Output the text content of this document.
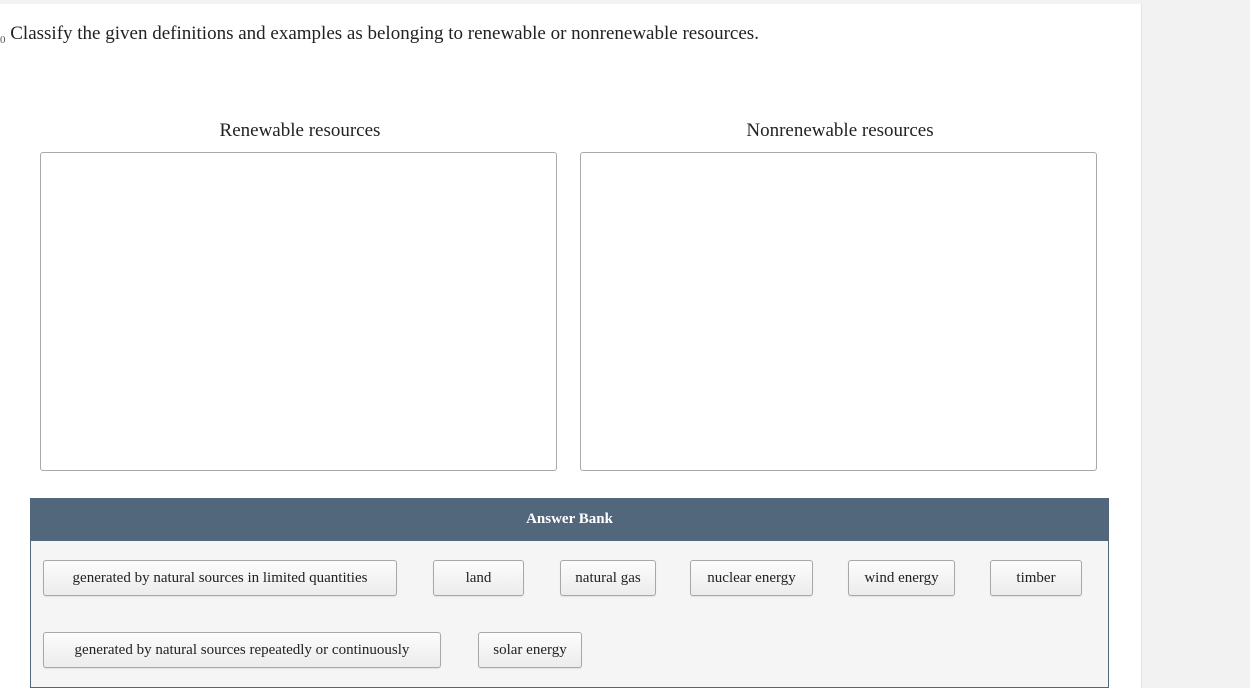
$_0$ Classify the given definitions and examples as belonging to renewable or nonrenewable resources.
Renewable resources	Nonrenewable resources
Answer Bank
generated by natural sources in limited quantities	land	natural gas	nuclear energy	wind energy	timber
generated by natural sources repeatedly or continuously	solar energy
